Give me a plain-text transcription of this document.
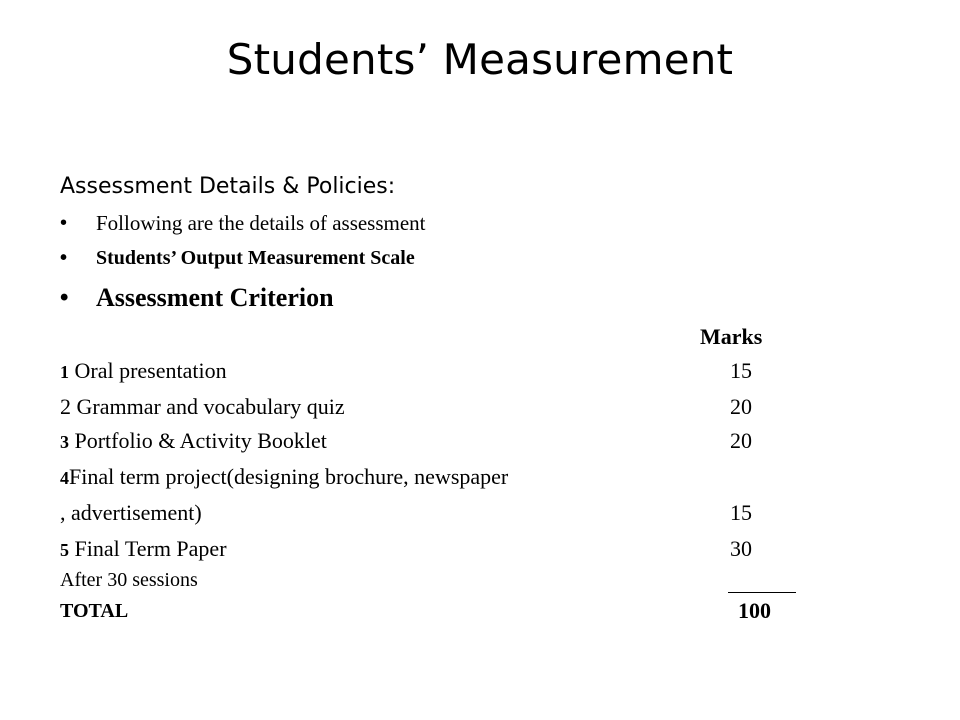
Students’ Measurement
Assessment Details & Policies:
• Following are the details of assessment
• Students’ Output Measurement Scale
• Assessment Criterion
Marks
1 Oral presentation	15
2 Grammar and vocabulary quiz	20
3 Portfolio & Activity Booklet	20
4Final term project(designing brochure, newspaper
, advertisement)	15
5 Final Term Paper	30
After 30 sessions
TOTAL	100
